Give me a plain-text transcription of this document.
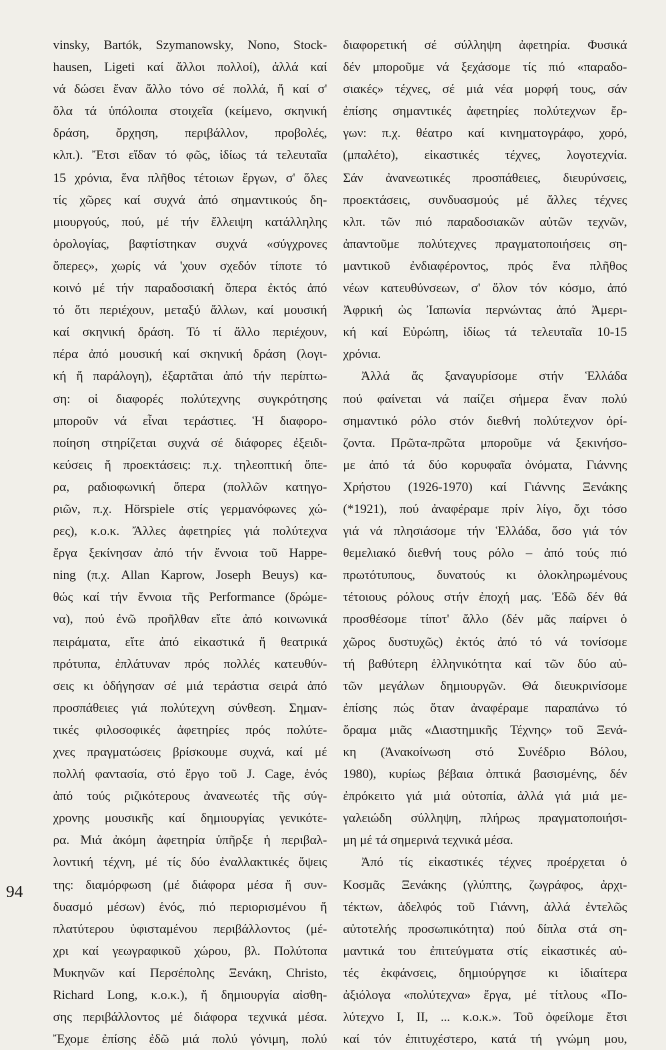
vinsky, Bartók, Szymanowsky, Nono, Stock-
hausen, Ligeti καί ἄλλοι πολλοί), ἀλλά καί
νά δώσει ἔναν ἄλλο τόνο σέ πολλά, ἤ καί σ'
ὅλα τά ὑπόλοιπα στοιχεῖα (κείμενο, σκηνική
δράση, ὄρχηση, περιβάλλον, προβολές,
κλπ.). Ἔτσι εἴδαν τό φῶς, ἰδίως τά τελευταῖα
15 χρόνια, ἕνα πλῆθος τέτοιων ἔργων, σ' ὅλες
τίς χῶρες καί συχνά ἀπό σημαντικούς δη-
μιουργούς, πού, μέ τήν ἔλλειψη κατάλληλης
ὁρολογίας, βαφτίστηκαν συχνά «σύγχρονες
ὄπερες», χωρίς νά 'χουν σχεδόν τίποτε τό
κοινό μέ τήν παραδοσιακή ὄπερα ἐκτός ἀπό
τό ὅτι περιέχουν, μεταξύ ἄλλων, καί μουσική
καί σκηνική δράση. Τό τί ἄλλο περιέχουν,
πέρα ἀπό μουσική καί σκηνική δράση (λογι-
κή ἤ παράλογη), ἐξαρτᾶται ἀπό τήν περίπτω-
ση: οἱ διαφορές πολύτεχνης συγκρότησης
μποροῦν νά εἶναι τεράστιες. Ἡ διαφορο-
ποίηση στηρίζεται συχνά σέ διάφορες ἐξειδι-
κεύσεις ἤ προεκτάσεις: π.χ. τηλεοπτική ὄπε-
ρα, ραδιοφωνική ὄπερα (πολλῶν κατηγο-
ριῶν, π.χ. Hörspiele στίς γερμανόφωνες χώ-
ρες), κ.ο.κ. Ἄλλες ἀφετηρίες γιά πολύτεχνα
ἔργα ξεκίνησαν ἀπό τήν ἔννοια τοῦ Happe-
ning (π.χ. Allan Kaprow, Joseph Beuys) κα-
θώς καί τήν ἔννοια τῆς Performance (δρώμε-
να), πού ἐνῶ προῆλθαν εἴτε ἀπό κοινωνικά
πειράματα, εἴτε ἀπό εἰκαστικά ἤ θεατρικά
πρότυπα, ἐπλάτυναν πρός πολλές κατευθύν-
σεις κι ὁδήγησαν σέ μιά τεράστια σειρά ἀπό
προσπάθειες γιά πολύτεχνη σύνθεση. Σημαν-
τικές φιλοσοφικές ἀφετηρίες πρός πολύτε-
χνες πραγματώσεις βρίσκουμε συχνά, καί μέ
πολλή φαντασία, στό ἔργο τοῦ J. Cage, ἑνός
ἀπό τούς ριζικότερους ἀνανεωτές τῆς σύγ-
χρονης μουσικῆς καί δημιουργίας γενικότε-
ρα. Μιά ἀκόμη ἀφετηρία ὑπῆρξε ἡ περιβαλ-
λοντική τέχνη, μέ τίς δύο ἐναλλακτικές ὄψεις
της: διαμόρφωση (μέ διάφορα μέσα ἤ συν-
δυασμό μέσων) ἑνός, πιό περιορισμένου ἤ
πλατύτερου ὑφισταμένου περιβάλλοντος (μέ-
χρι καί γεωγραφικοῦ χώρου, βλ. Πολύτοπα
Μυκηνῶν καί Περσέπολης Ξενάκη, Christo,
Richard Long, κ.ο.κ.), ἤ δημιουργία αἰσθη-
σης περιβάλλοντος μέ διάφορα τεχνικά μέσα.
Ἔχομε ἐπίσης ἐδῶ μιά πολύ γόνιμη, πολύ
διαφορετική σέ σύλληψη ἀφετηρία. Φυσικά
δέν μποροῦμε νά ξεχάσομε τίς πιό «παραδο-
σιακές» τέχνες, σέ μιά νέα μορφή τους, σάν
ἐπίσης σημαντικές ἀφετηρίες πολύτεχνων ἔρ-
γων: π.χ. θέατρο καί κινηματογράφο, χορό,
(μπαλέτο), εἰκαστικές τέχνες, λογοτεχνία.
Σάν ἀνανεωτικές προσπάθειες, διευρύνσεις,
προεκτάσεις, συνδυασμούς μέ ἄλλες τέχνες
κλπ. τῶν πιό παραδοσιακῶν αὐτῶν τεχνῶν,
ἀπαντοῦμε πολύτεχνες πραγματοποιήσεις ση-
μαντικοῦ ἐνδιαφέροντος, πρός ἕνα πλῆθος
νέων κατευθύνσεων, σ' ὅλον τόν κόσμο, ἀπό
Ἀφρική ὡς Ἰαπωνία περνώντας ἀπό Ἀμερι-
κή καί Εὐρώπη, ἰδίως τά τελευταῖα 10-15
χρόνια.
Ἀλλά ἄς ξαναγυρίσομε στήν Ἑλλάδα
πού φαίνεται νά παίζει σήμερα ἕναν πολύ
σημαντικό ρόλο στόν διεθνή πολύτεχνον ὁρί-
ζοντα. Πρῶτα-πρῶτα μποροῦμε νά ξεκινήσο-
με ἀπό τά δύο κορυφαῖα ὀνόματα, Γιάννης
Χρήστου (1926-1970) καί Γιάννης Ξενάκης
(*1921), πού ἀναφέραμε πρίν λίγο, ὄχι τόσο
γιά νά πλησιάσομε τήν Ἑλλάδα, ὅσο γιά τόν
θεμελιακό διεθνή τους ρόλο – ἀπό τούς πιό
πρωτότυπους, δυνατούς κι ὁλοκληρωμένους
τέτοιους ρόλους στήν ἐποχή μας. Ἐδῶ δέν θά
προσθέσομε τίποτ' ἄλλο (δέν μᾶς παίρνει ὁ
χῶρος δυστυχῶς) ἐκτός ἀπό τό νά τονίσομε
τή βαθύτερη ἑλληνικότητα καί τῶν δύο αὐ-
τῶν μεγάλων δημιουργῶν. Θά διευκρινίσομε
ἐπίσης πώς ὅταν ἀναφέραμε παραπάνω τό
ὅραμα μιᾶς «Διαστημικῆς Τέχνης» τοῦ Ξενά-
κη (Ἀνακοίνωση στό Συνέδριο Βόλου,
1980), κυρίως βέβαια ὀπτικά βασισμένης, δέν
ἐπρόκειτο γιά μιά οὐτοπία, ἀλλά γιά μιά με-
γαλειώδη σύλληψη, πλήρως πραγματοποιήσι-
μη μέ τά σημερινά τεχνικά μέσα.
Ἀπό τίς εἰκαστικές τέχνες προέρχεται ὁ
Κοσμᾶς Ξενάκης (γλύπτης, ζωγράφος, ἀρχι-
τέκτων, ἀδελφός τοῦ Γιάννη, ἀλλά ἐντελῶς
αὐτοτελής προσωπικότητα) πού δίπλα στά ση-
μαντικά του ἐπιτεύγματα στίς εἰκαστικές αὐ-
τές ἐκφάνσεις, δημιούργησε κι ἰδιαίτερα
ἀξιόλογα «πολύτεχνα» ἔργα, μέ τίτλους «Πο-
λύτεχνο I, II, ... κ.ο.κ.». Τοῦ ὀφείλομε ἔτσι
καί τόν ἐπιτυχέστερο, κατά τή γνώμη μου,
94
